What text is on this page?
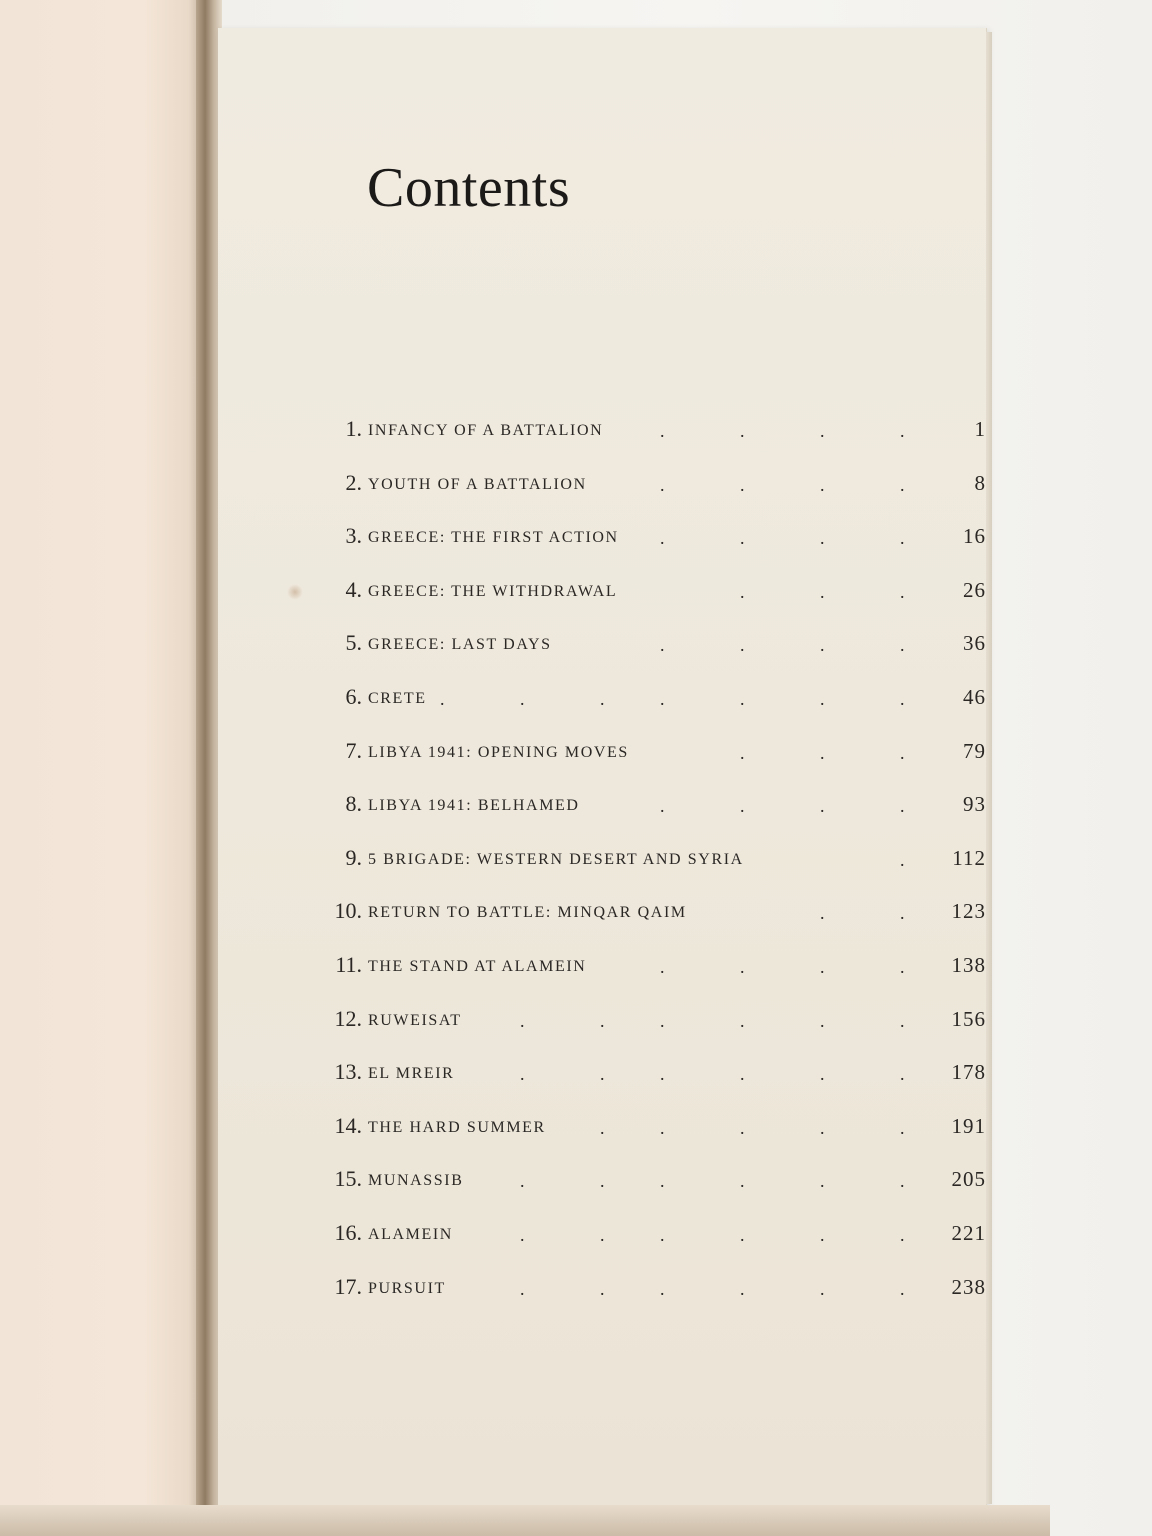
Contents
1. INFANCY OF A BATTALION	.	.	.	.	1
2. YOUTH OF A BATTALION	.	.	.	.	8
3. GREECE: THE FIRST ACTION .	.	.	.	16
4. GREECE: THE WITHDRAWAL	.	.	.	26
5. GREECE: LAST DAYS	.	.	.	.	36
6. CRETE .	.	.	.	.	.	.	46
7. LIBYA 1941: OPENING MOVES	.	.	.	79
8. LIBYA 1941: BELHAMED	.	.	.	.	93
9. 5 BRIGADE: WESTERN DESERT AND SYRIA	. 112
10. RETURN TO BATTLE: MINQAR QAIM	.	. 123
11. THE STAND AT ALAMEIN	.	.	.	. 138
12. RUWEISAT	.	.	.	.	.	. 156
13. EL MREIR	.	.	.	.	.	. 178
14. THE HARD SUMMER	.	.	.	.	. 191
15. MUNASSIB	.	.	.	.	.	. 205
16. ALAMEIN	.	.	.	.	.	. 221
17. PURSUIT	.	.	.	.	.	. 238
